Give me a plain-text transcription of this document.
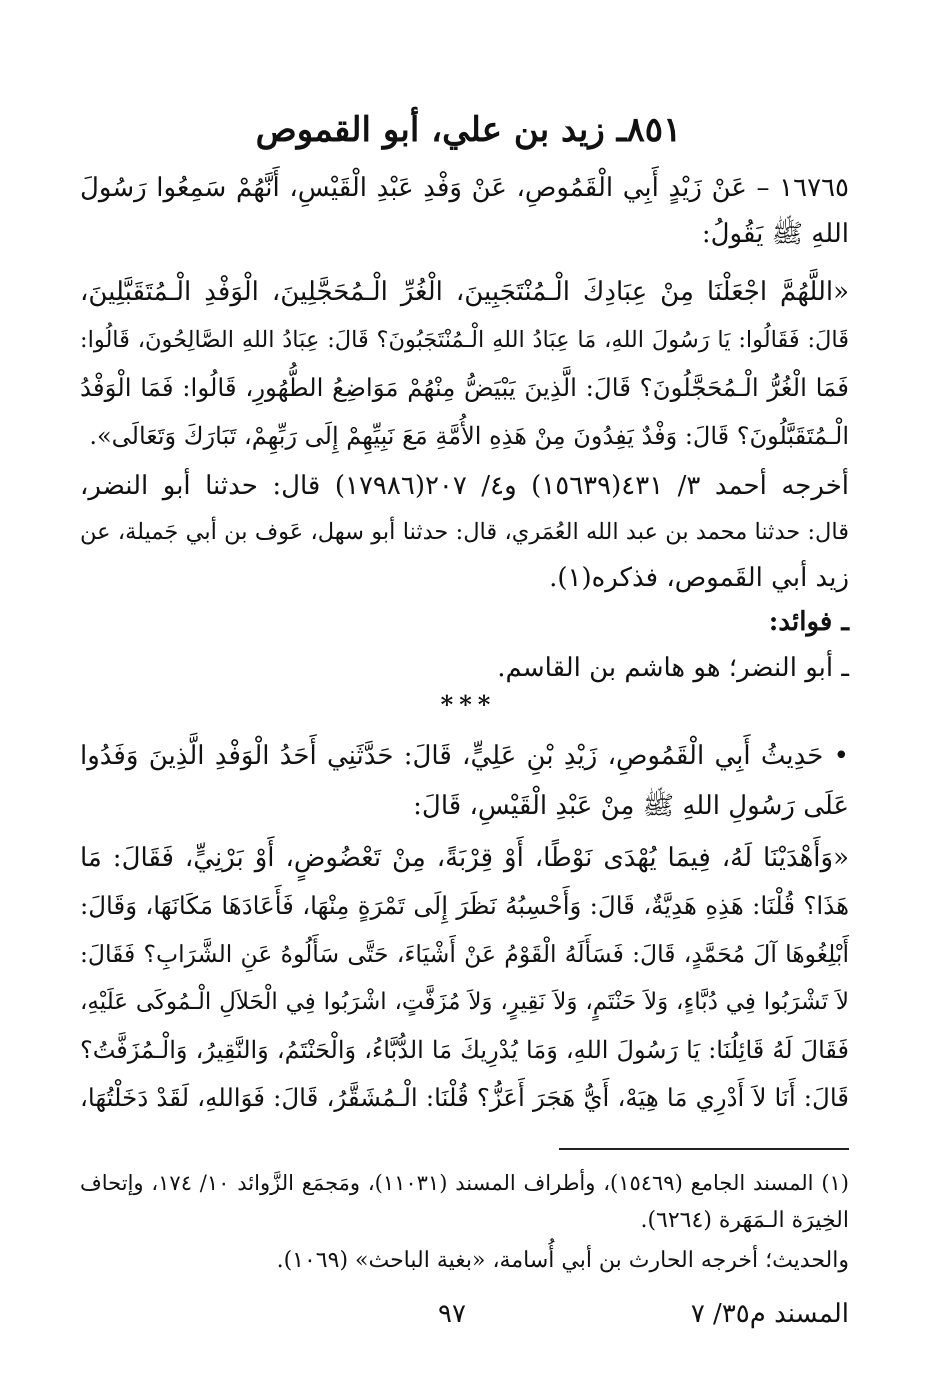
٨٥١ـ زيد بن علي، أبو القموص
١٦٧٦٥ – عَنْ زَيْدٍ أَبِي الْقَمُوصِ، عَنْ وَفْدِ عَبْدِ الْقَيْسِ، أَنَّهُمْ سَمِعُوا رَسُولَ
اللهِ ﷺ يَقُولُ:
«اللَّهُمَّ اجْعَلْنَا مِنْ عِبَادِكَ الْـمُنْتَجَبِينَ، الْغُرِّ الْـمُحَجَّلِينَ، الْوَفْدِ الْـمُتَقَبَّلِينَ،
قَالَ: فَقَالُوا: يَا رَسُولَ اللهِ، مَا عِبَادُ اللهِ الْـمُنْتَجَبُونَ؟ قَالَ: عِبَادُ اللهِ الصَّالِحُونَ، قَالُوا:
فَمَا الْغُرُّ الْـمُحَجَّلُونَ؟ قَالَ: الَّذِينَ يَبْيَضُّ مِنْهُمْ مَوَاضِعُ الطُّهُورِ، قَالُوا: فَمَا الْوَفْدُ
الْـمُتَقَبَّلُونَ؟ قَالَ: وَفْدٌ يَفِدُونَ مِنْ هَذِهِ الأُمَّةِ مَعَ نَبِيِّهِمْ إِلَى رَبِّهِمْ، تَبَارَكَ وَتَعَالَى».
أخرجه أحمد ٣/ ٤٣١(١٥٦٣٩) و٤/ ٢٠٧(١٧٩٨٦) قال: حدثنا أبو النضر،
قال: حدثنا محمد بن عبد الله العُمَري، قال: حدثنا أبو سهل، عَوف بن أبي جَميلة، عن
زيد أبي القَموص، فذكره(١).
ـ فوائد:
ـ أبو النضر؛ هو هاشم بن القاسم.
***
• حَدِيثُ أَبِي الْقَمُوصِ، زَيْدِ بْنِ عَلِيٍّ، قَالَ: حَدَّثَنِي أَحَدُ الْوَفْدِ الَّذِينَ وَفَدُوا
عَلَى رَسُولِ اللهِ ﷺ مِنْ عَبْدِ الْقَيْسِ، قَالَ:
«وَأَهْدَيْنَا لَهُ، فِيمَا يُهْدَى نَوْطًا، أَوْ قِرْبَةً، مِنْ تَعْضُوضٍ، أَوْ بَرْنِيٍّ، فَقَالَ: مَا
هَذَا؟ قُلْنَا: هَذِهِ هَدِيَّةٌ، قَالَ: وَأَحْسِبُهُ نَظَرَ إِلَى تَمْرَةٍ مِنْهَا، فَأَعَادَهَا مَكَانَهَا، وَقَالَ:
أَبْلِغُوهَا آلَ مُحَمَّدٍ، قَالَ: فَسَأَلَهُ الْقَوْمُ عَنْ أَشْيَاءَ، حَتَّى سَأَلُوهُ عَنِ الشَّرَابِ؟ فَقَالَ:
لاَ تَشْرَبُوا فِي دُبَّاءٍ، وَلاَ حَنْتَمٍ، وَلاَ نَقِيرٍ، وَلاَ مُزَفَّتٍ، اشْرَبُوا فِي الْحَلاَلِ الْـمُوكَى عَلَيْهِ،
فَقَالَ لَهُ قَائِلُنَا: يَا رَسُولَ اللهِ، وَمَا يُدْرِيكَ مَا الدُّبَّاءُ، وَالْحَنْتَمُ، وَالنَّقِيرُ، وَالْـمُزَفَّتُ؟
قَالَ: أَنَا لاَ أَدْرِي مَا هِيَهْ، أَيُّ هَجَرَ أَعَزُّ؟ قُلْنَا: الْـمُشَقَّرُ، قَالَ: فَوَاللهِ، لَقَدْ دَخَلْتُهَا،
(١) المسند الجامع (١٥٤٦٩)، وأطراف المسند (١١٠٣١)، ومَجمَع الزَّوائد ١٠/ ١٧٤، وإتحاف
الخِيرَة الـمَهَرة (٦٢٦٤).
والحديث؛ أخرجه الحارث بن أبي أُسامة، «بغية الباحث» (١٠٦٩).
٩٧	المسند م٣٥/ ٧
